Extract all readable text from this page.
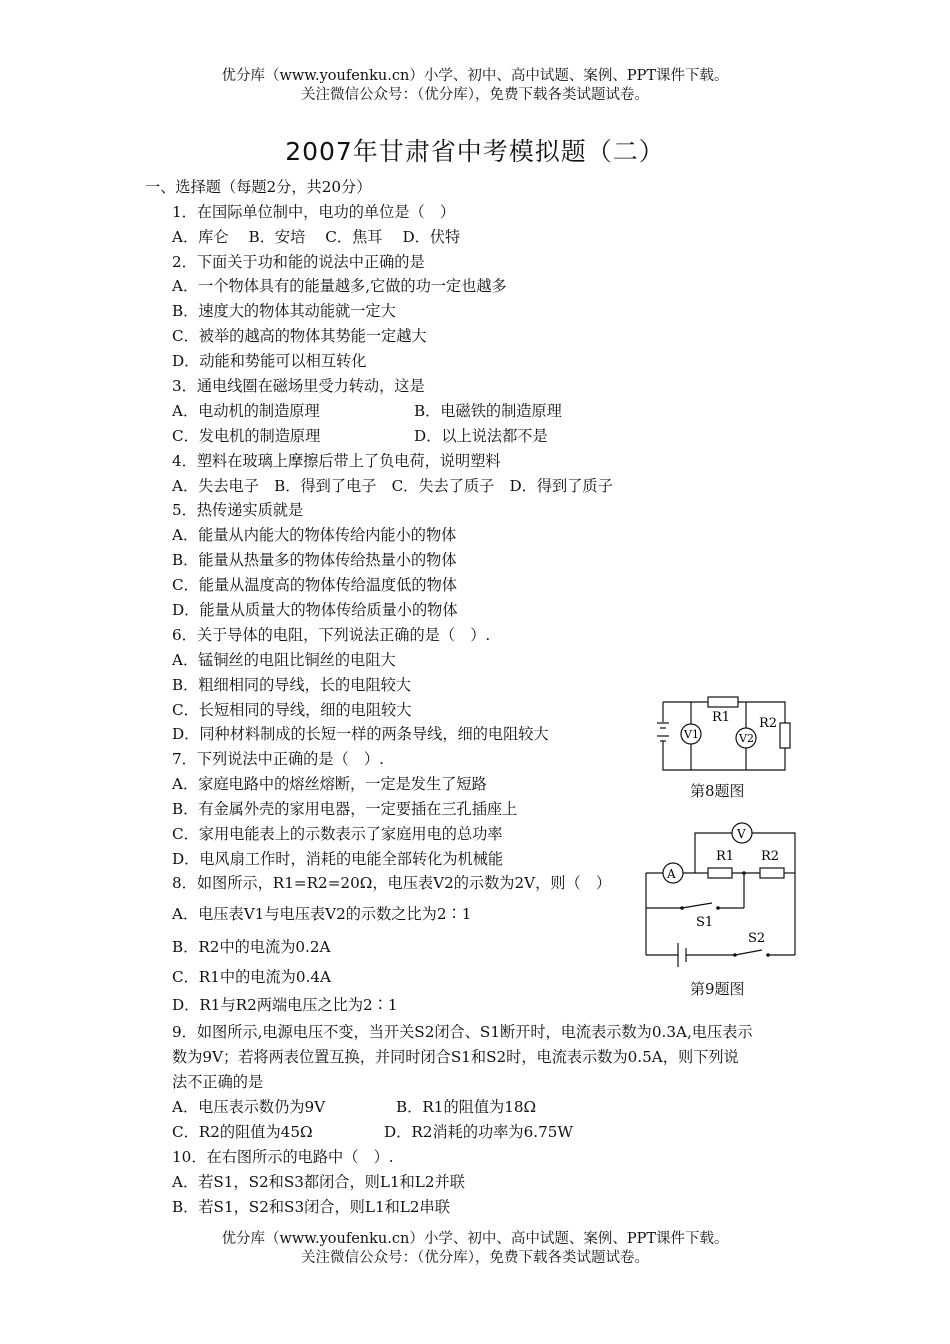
优分库（www.youfenku.cn）小学、初中、高中试题、案例、PPT课件下载。
关注微信公众号：（优分库），免费下载各类试题试卷。
2007年甘肃省中考模拟题（二）
一、选择题（每题2分，共20分）
1．在国际单位制中，电功的单位是（　）
A．库仑　 B．安培　 C．焦耳　 D．伏特
2．下面关于功和能的说法中正确的是
A．一个物体具有的能量越多,它做的功一定也越多
B．速度大的物体其动能就一定大
C．被举的越高的物体其势能一定越大
D．动能和势能可以相互转化
3．通电线圈在磁场里受力转动，这是
A．电动机的制造原理	B．电磁铁的制造原理
C．发电机的制造原理	D．以上说法都不是
4．塑料在玻璃上摩擦后带上了负电荷，说明塑料
A．失去电子　B．得到了电子　C．失去了质子　D．得到了质子
5．热传递实质就是
A．能量从内能大的物体传给内能小的物体
B．能量从热量多的物体传给热量小的物体
C．能量从温度高的物体传给温度低的物体
D．能量从质量大的物体传给质量小的物体
6．关于导体的电阻，下列说法正确的是（　）.
A．锰铜丝的电阻比铜丝的电阻大
B．粗细相同的导线，长的电阻较大
C．长短相同的导线，细的电阻较大
D．同种材料制成的长短一样的两条导线，细的电阻较大
7．下列说法中正确的是（　）.
A．家庭电路中的熔丝熔断，一定是发生了短路
B．有金属外壳的家用电器，一定要插在三孔插座上
C．家用电能表上的示数表示了家庭用电的总功率
D．电风扇工作时，消耗的电能全部转化为机械能
8．如图所示，R1=R2=20Ω，电压表V2的示数为2V，则（　）
A．电压表V1与电压表V2的示数之比为2∶1
B．R2中的电流为0.2A
C．R1中的电流为0.4A
D．R1与R2两端电压之比为2∶1
9．如图所示,电源电压不变，当开关S2闭合、S1断开时，电流表示数为0.3A,电压表示
数为9V；若将两表位置互换，并同时闭合S1和S2时，电流表示数为0.5A，则下列说
法不正确的是
A．电压表示数仍为9V	B．R1的阻值为18Ω
C．R2的阻值为45Ω	D．R2消耗的功率为6.75W
10．在右图所示的电路中（　）.
A．若S1，S2和S3都闭合，则L1和L2并联
B．若S1，S2和S3闭合，则L1和L2串联
R1 R2
V1	V2
第8题图
V
A
R1 R2
S1
S2
第9题图
优分库（www.youfenku.cn）小学、初中、高中试题、案例、PPT课件下载。
关注微信公众号：（优分库），免费下载各类试题试卷。
